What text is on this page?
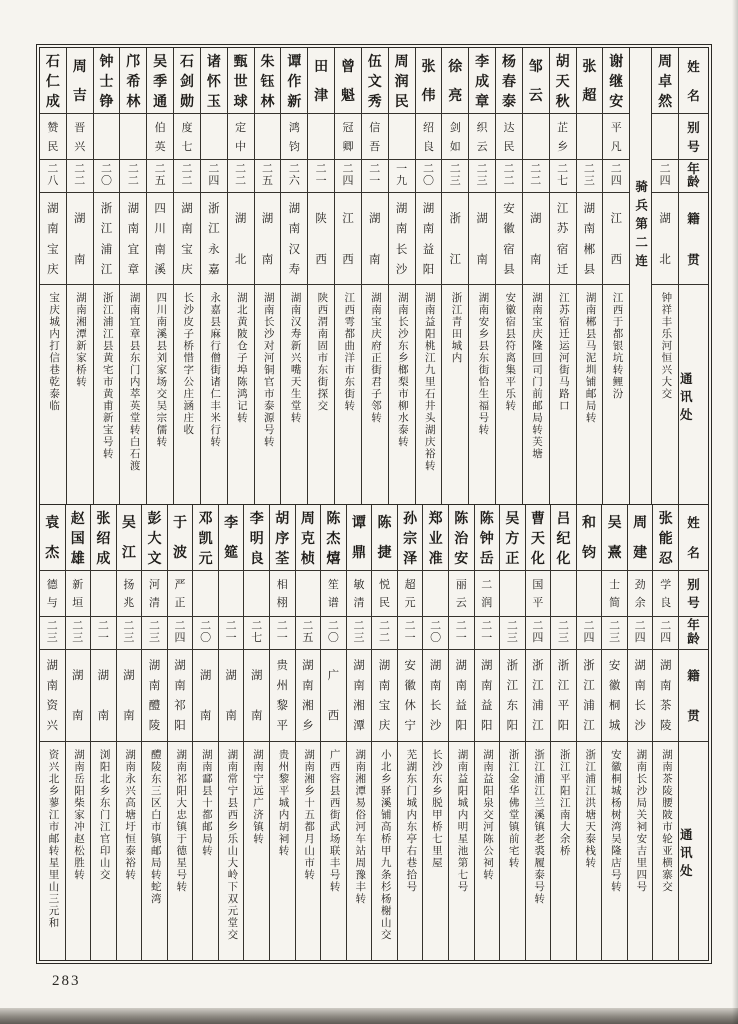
姓
名
别
号
年
龄
籍
贯
通
讯
处
周
卓
然
二
四
湖
北
钟祥丰乐河恒兴大交
骑兵第二连
谢
继
安
平
凡
二
四
江
西
江西于都银坑转鲤汾
张
超
二
三
湖
南
郴
县
湖南郴县马泥圳铺邮局转
胡
天
秋
芷
乡
二
七
江
苏
宿
迁
江苏宿迁运河街马路口
邹
云
二
二
湖
南
湖南宝庆隆回司门前邮局转芙塘
杨
春
泰
达
民
二
二
安
徽
宿
县
安徽宿县符离集平乐转
李
成
章
织
云
二
三
湖
南
湖南安乡县东街恰生福号转
徐
亮
剑
如
二
三
浙
江
浙江青田城内
张
伟
绍
良
二
〇
湖
南
益
阳
湖南益阳桃江九里石井头湖庆裕转
周
润
民
一
九
湖
南
长
沙
湖南长沙东乡榔梨市柳水泰转
伍
文
秀
信
吾
二
一
湖
南
湖南宝庆府正街君子邻转
曾
魁
冠
卿
二
四
江
西
江西雩都曲洋市东街转
田
津
二
一
陕
西
陕西渭南固市东街探交
谭
作
新
鸿
钧
二
六
湖
南
汉
寿
湖南汉寿新兴嘴天生堂转
朱
钰
林
二
五
湖
南
湖南长沙对河铜官市泰源号转
甄
世
球
定
中
二
二
湖
北
湖北黄陂仓子埠陈鸿记转
诸
怀
玉
二
四
浙
江
永
嘉
永嘉县麻行僧街诸仁丰米行转
石
剑
勋
度
七
二
二
湖
南
宝
庆
长沙皮子桥惜字公庄涵庄收
吴
季
通
伯
英
二
五
四
川
南
溪
四川南溪县刘家场交吴宗儒转
邝
希
林
二
二
湖
南
宜
章
湖南宜章县东门内萃英堂转白石渡
钟
士
铮
二
〇
浙
江
浦
江
浙江浦江县黄宅市黄甫新宝号转
周
吉
晋
兴
二
二
湖
南
湖南湘潭新家桥转
石
仁
成
赞
民
二
八
湖
南
宝
庆
宝庆城内打信巷乾泰临
姓
名
别
号
年
龄
籍
贯
通
讯
处
张
能
忍
学
良
二
四
湖
南
茶
陵
湖南茶陵腰陂市轮亚横寨交
周
建
劲
余
二
四
湖
南
长
沙
湖南长沙局关祠安吉里四号
吴
熹
士
简
二
三
安
徽
桐
城
安徽桐城杨树湾吴隆店号转
和
钧
二
四
浙
江
浦
江
浙江浦江洪塘天泰栈转
吕
纪
化
二
三
浙
江
平
阳
浙江平阳江南大余桥
曹
天
化
国
平
二
四
浙
江
浦
江
浙江浦江兰溪镇老裘履泰号转
吴
方
正
二
三
浙
江
东
阳
浙江金华佛堂镇前宅转
陈
钟
岳
二
润
二
一
湖
南
益
阳
湖南益阳泉交河陈公祠转
陈
治
安
丽
云
二
一
湖
南
益
阳
湖南益阳城内明星池第七号
郑
业
准
二
〇
湖
南
长
沙
长沙东乡脱甲桥七里屋
孙
宗
泽
超
元
二
一
安
徽
休
宁
芜湖东门城内东亭右巷拾号
陈
捷
悦
民
二
二
湖
南
宝
庆
小北乡驿溪铺高桥甲九条杉杨榭山交
谭
鼎
敏
清
二
三
湖
南
湘
潭
湖南湘潭易俗河车站周豫丰转
陈
杰
熺
笙
谱
二
〇
广
西
广西容县西街武场联丰号转
周
克
桢
二
五
湖
南
湘
乡
湖南湘乡十五都月山市转
胡
序
荃
相
栩
二
一
贵
州
黎
平
贵州黎平城内胡祠转
李
明
良
二
七
湖
南
湖南宁远广济镇转
李
筵
二
一
湖
南
湖南常宁县西乡乐山大岭下双元堂交
邓
凯
元
二
〇
湖
南
湖南酃县十都邮局转
于
波
严
正
二
四
湖
南
祁
阳
湖南祁阳大忠镇于德星号转
彭
大
文
河
清
二
三
湖
南
醴
陵
醴陵东三区白市镇邮局转蛇湾
吴
江
扬
兆
二
三
湖
南
湖南永兴高塘圩恒泰裕转
张
绍
成
二
一
湖
南
浏阳北乡东门江官印山交
赵
国
雄
新
垣
二
三
湖
南
湖南岳阳柴家冲赵松胜转
袁
杰
德
与
二
三
湖
南
资
兴
资兴北乡蓼江市邮转星里山三元和
283
